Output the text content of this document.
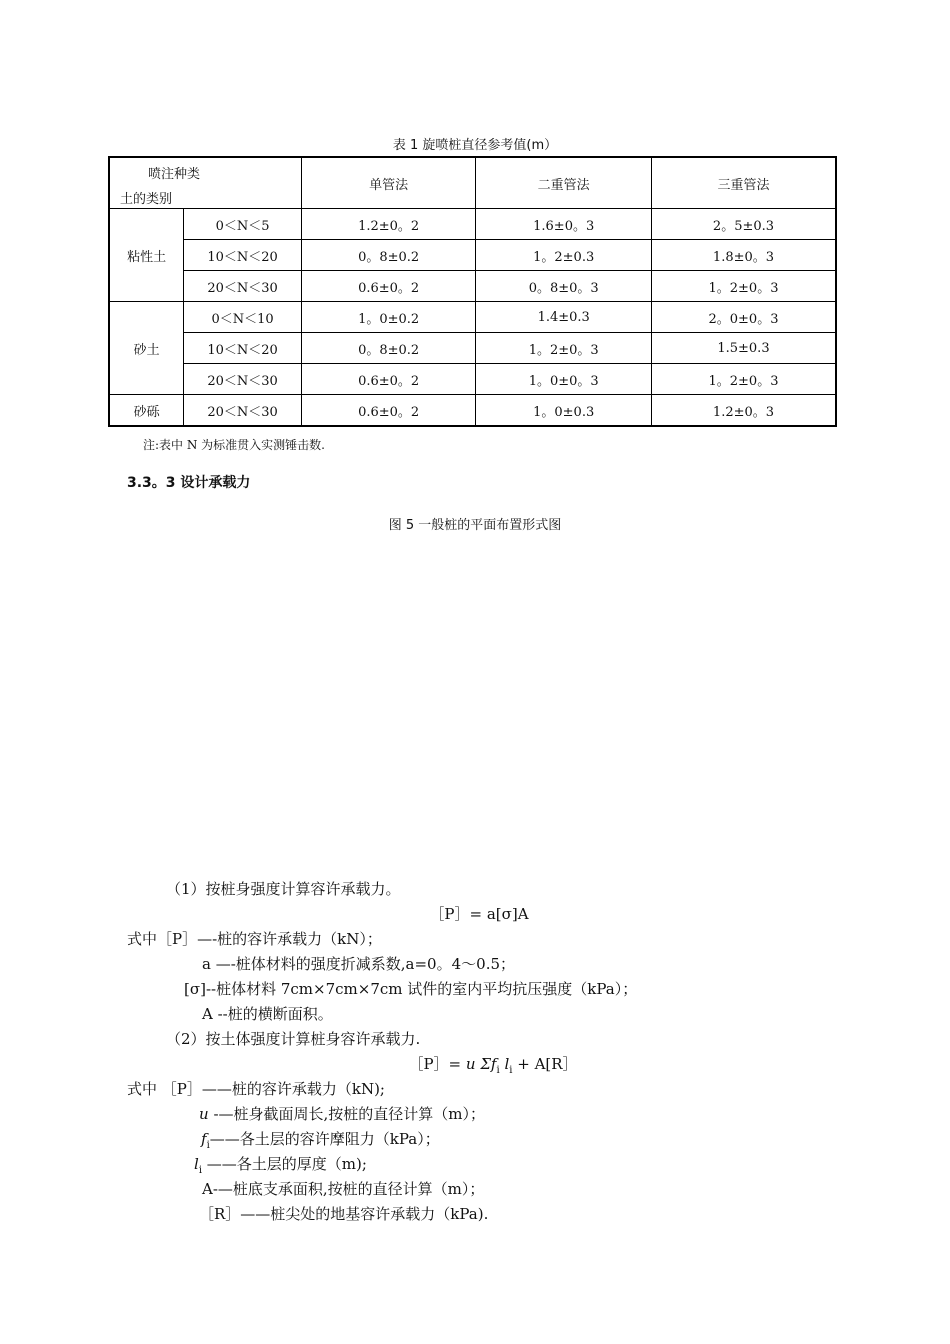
表 1 旋喷桩直径参考值(m）
喷注种类
土的类别		单管法	二重管法	三重管法
粘性土	0＜N＜5	1.2±0。2	1.6±0。3	2。5±0.3
	10＜N＜20	0。8±0.2	1。2±0.3	1.8±0。3
	20＜N＜30	0.6±0。2	0。8±0。3	1。2±0。3
砂土	0＜N＜10	1。0±0.2	1.4±0.3	2。0±0。3
	10＜N＜20	0。8±0.2	1。2±0。3	1.5±0.3
	20＜N＜30	0.6±0。2	1。0±0。3	1。2±0。3
砂砾	20＜N＜30	0.6±0。2	1。0±0.3	1.2±0。3
注:表中 N 为标准贯入实测锤击数.
3.3。3 设计承载力
图 5 一般桩的平面布置形式图
（1）按桩身强度计算容许承载力。
［P］= a[σ]A
式中［P］—-桩的容许承载力（kN）；
a —-桩体材料的强度折减系数,a=0。4～0.5；
[σ]--桩体材料 7cm×7cm×7cm 试件的室内平均抗压强度（kPa）；
A --桩的横断面积。
（2）按土体强度计算桩身容许承载力.
［P］= u $\Sigma f_i$ $l_i$ + A[R］
式中 ［P］——桩的容许承载力（kN);
u -—桩身截面周长,按桩的直径计算（m）；
$f_i——$各土层的容许摩阻力（kPa）；
$l_i$ ——各土层的厚度（m);
A-—桩底支承面积,按桩的直径计算（m）；
［R］——桩尖处的地基容许承载力（kPa).
